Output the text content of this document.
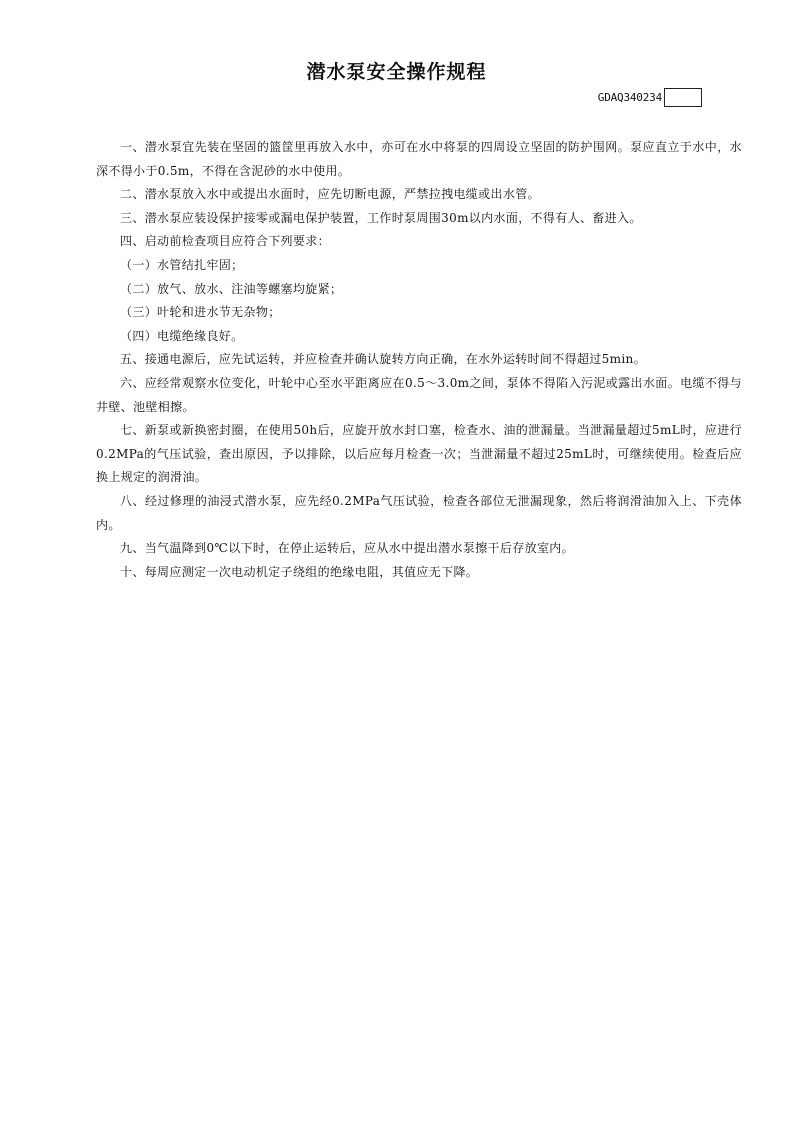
潜水泵安全操作规程
GDAQ340234

一、潜水泵宜先装在坚固的篮筐里再放入水中，亦可在水中将泵的四周设立坚固的防护围网。泵应直立于水中，水深不得小于0.5m，不得在含泥砂的水中使用。

二、潜水泵放入水中或提出水面时，应先切断电源，严禁拉拽电缆或出水管。

三、潜水泵应装设保护接零或漏电保护装置，工作时泵周围30m以内水面，不得有人、畜进入。

四、启动前检查项目应符合下列要求：

（一）水管结扎牢固；

（二）放气、放水、注油等螺塞均旋紧；

（三）叶轮和进水节无杂物；

（四）电缆绝缘良好。

五、接通电源后，应先试运转，并应检查并确认旋转方向正确，在水外运转时间不得超过5min。

六、应经常观察水位变化，叶轮中心至水平距离应在0.5～3.0m之间，泵体不得陷入污泥或露出水面。电缆不得与井壁、池壁相擦。

七、新泵或新换密封圈，在使用50h后，应旋开放水封口塞，检查水、油的泄漏量。当泄漏量超过5mL时，应进行0.2MPa的气压试验，查出原因，予以排除，以后应每月检查一次；当泄漏量不超过25mL时，可继续使用。检查后应换上规定的润滑油。

八、经过修理的油浸式潜水泵，应先经0.2MPa气压试验，检查各部位无泄漏现象，然后将润滑油加入上、下壳体内。

九、当气温降到0℃以下时，在停止运转后，应从水中提出潜水泵擦干后存放室内。

十、每周应测定一次电动机定子绕组的绝缘电阻，其值应无下降。
